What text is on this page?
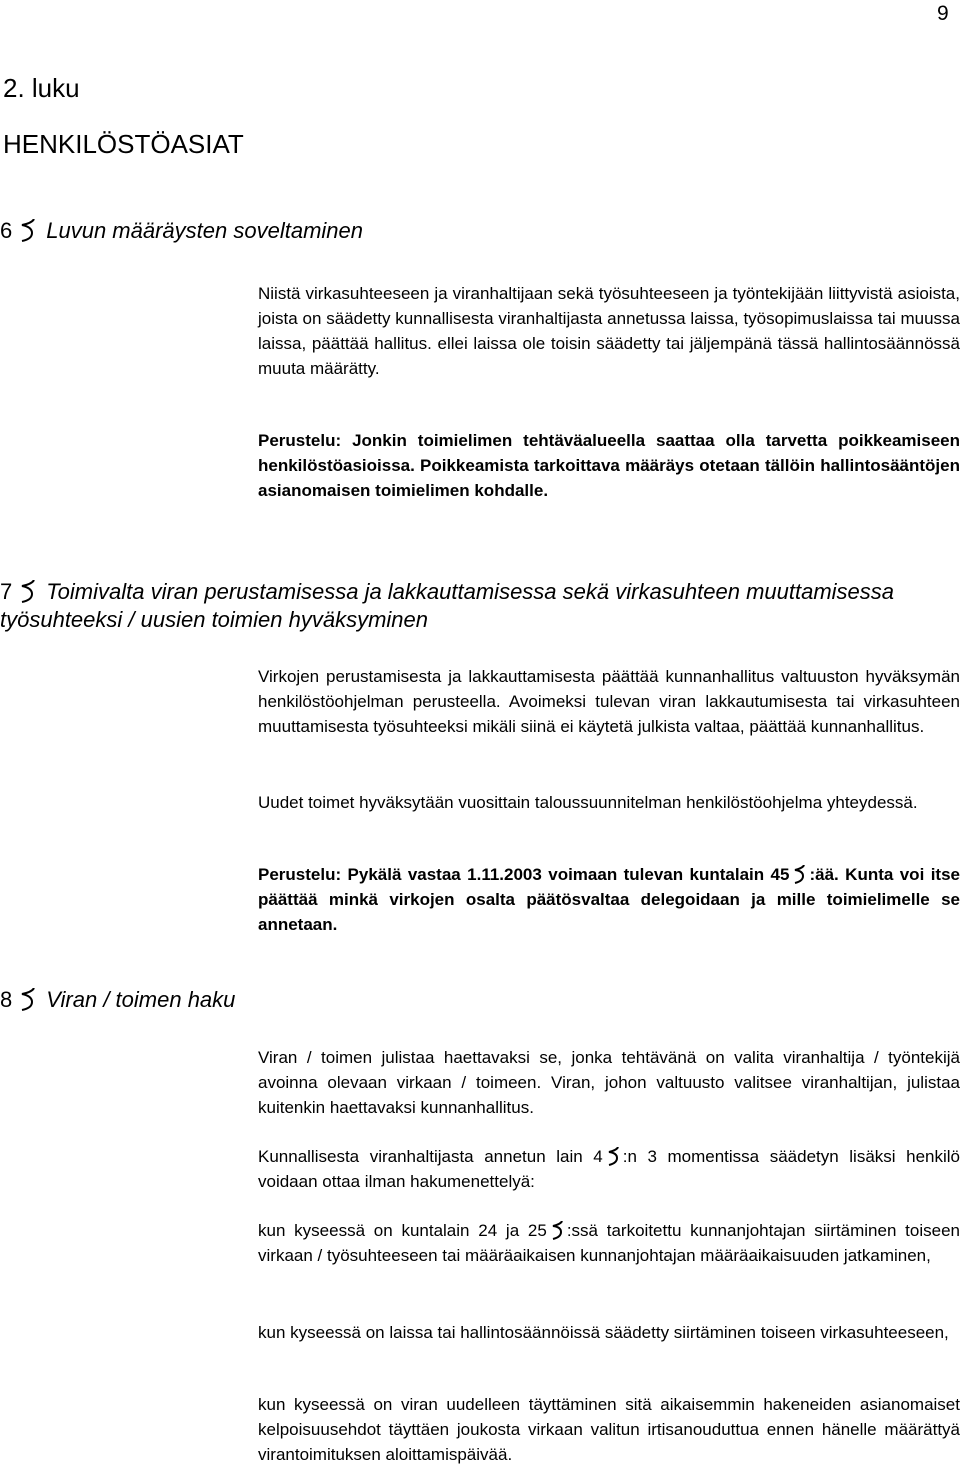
9
2. luku
HENKILÖSTÖASIAT
6 Luvun määräysten soveltaminen

Niistä virkasuhteeseen ja viranhaltijaan sekä työsuhteeseen ja työntekijään liittyvistä asioista, joista on säädetty kunnallisesta viranhaltijasta annetussa laissa, työsopimuslaissa tai muussa laissa, päättää hallitus. ellei laissa ole toisin säädetty tai jäljempänä tässä hallintosäännössä muuta määrätty.

Perustelu: Jonkin toimielimen tehtäväalueella saattaa olla tarvetta poikkeamiseen henkilöstöasioissa. Poikkeamista tarkoittava määräys otetaan tällöin hallintosääntöjen asianomaisen toimielimen kohdalle.

7 Toimivalta viran perustamisessa ja lakkauttamisessa sekä virkasuhteen muuttamisessa työsuhteeksi / uusien toimien hyväksyminen

Virkojen perustamisesta ja lakkauttamisesta päättää kunnanhallitus valtuuston hyväksymän henkilöstöohjelman perusteella. Avoimeksi tulevan viran lakkautumisesta tai virkasuhteen muuttamisesta työsuhteeksi mikäli siinä ei käytetä julkista valtaa, päättää kunnanhallitus.

Uudet toimet hyväksytään vuosittain taloussuunnitelman henkilöstöohjelma yhteydessä.

Perustelu: Pykälä vastaa 1.11.2003 voimaan tulevan kuntalain 45 :ää. Kunta voi itse päättää minkä virkojen osalta päätösvaltaa delegoidaan ja mille toimielimelle se annetaan.

8 Viran / toimen haku

Viran / toimen julistaa haettavaksi se, jonka tehtävänä on valita viranhaltija / työntekijä avoinna olevaan virkaan / toimeen. Viran, johon valtuusto valitsee viranhaltijan, julistaa kuitenkin haettavaksi kunnanhallitus.

Kunnallisesta viranhaltijasta annetun lain 4 :n 3 momentissa säädetyn lisäksi henkilö voidaan ottaa ilman hakumenettelyä:

kun kyseessä on kuntalain 24 ja 25 :ssä tarkoitettu kunnanjohtajan siirtäminen toiseen virkaan / työsuhteeseen tai määräaikaisen kunnanjohtajan määräaikaisuuden jatkaminen,

kun kyseessä on laissa tai hallintosäännöissä säädetty siirtäminen toiseen virkasuhteeseen,

kun kyseessä on viran uudelleen täyttäminen sitä aikaisemmin hakeneiden asianomaiset kelpoisuusehdot täyttäen joukosta virkaan valitun irtisanouduttua ennen hänelle määrättyä virantoimituksen aloittamispäivää.
